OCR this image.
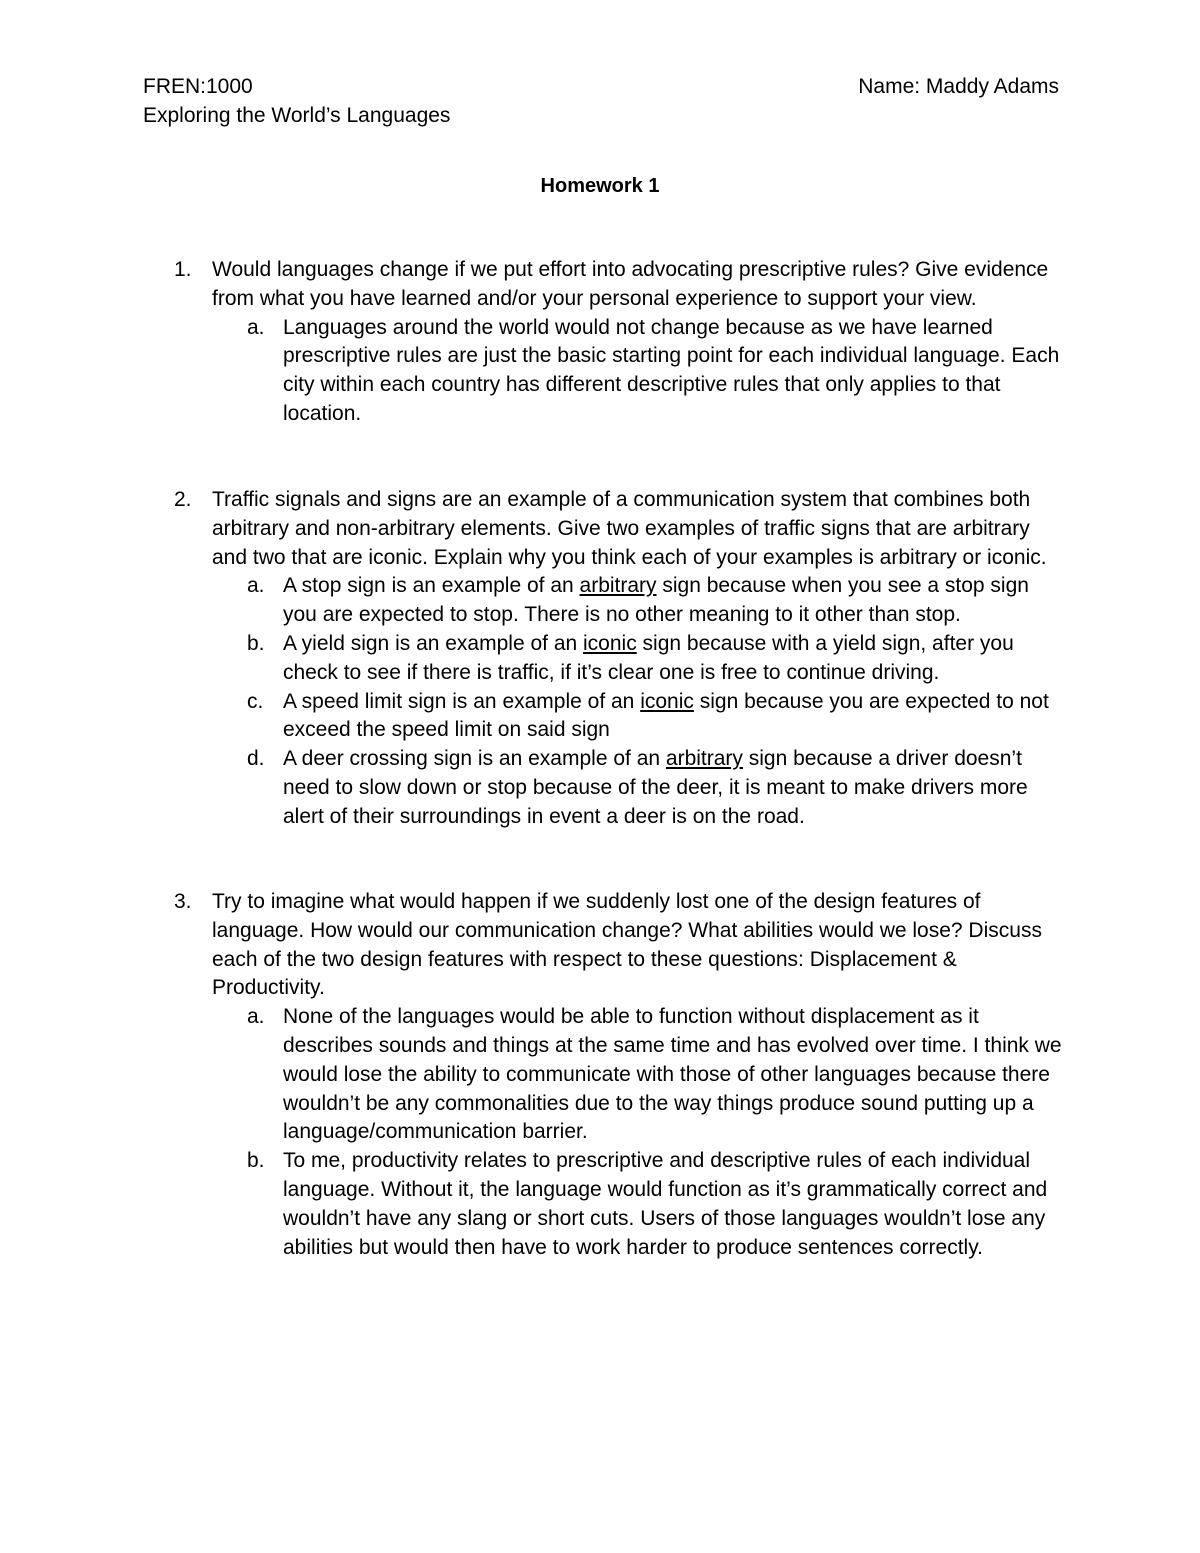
FREN:1000
Exploring the World’s Languages
Name: Maddy Adams
Homework 1
1. Would languages change if we put effort into advocating prescriptive rules? Give evidence from what you have learned and/or your personal experience to support your view.
a. Languages around the world would not change because as we have learned prescriptive rules are just the basic starting point for each individual language. Each city within each country has different descriptive rules that only applies to that location.
2. Traffic signals and signs are an example of a communication system that combines both arbitrary and non-arbitrary elements. Give two examples of traffic signs that are arbitrary and two that are iconic. Explain why you think each of your examples is arbitrary or iconic.
a. A stop sign is an example of an arbitrary sign because when you see a stop sign you are expected to stop. There is no other meaning to it other than stop.
b. A yield sign is an example of an iconic sign because with a yield sign, after you check to see if there is traffic, if it’s clear one is free to continue driving.
c. A speed limit sign is an example of an iconic sign because you are expected to not exceed the speed limit on said sign
d. A deer crossing sign is an example of an arbitrary sign because a driver doesn’t need to slow down or stop because of the deer, it is meant to make drivers more alert of their surroundings in event a deer is on the road.
3. Try to imagine what would happen if we suddenly lost one of the design features of language. How would our communication change? What abilities would we lose? Discuss each of the two design features with respect to these questions: Displacement & Productivity.
a. None of the languages would be able to function without displacement as it describes sounds and things at the same time and has evolved over time. I think we would lose the ability to communicate with those of other languages because there wouldn’t be any commonalities due to the way things produce sound putting up a language/communication barrier.
b. To me, productivity relates to prescriptive and descriptive rules of each individual language. Without it, the language would function as it’s grammatically correct and wouldn’t have any slang or short cuts. Users of those languages wouldn’t lose any abilities but would then have to work harder to produce sentences correctly.
